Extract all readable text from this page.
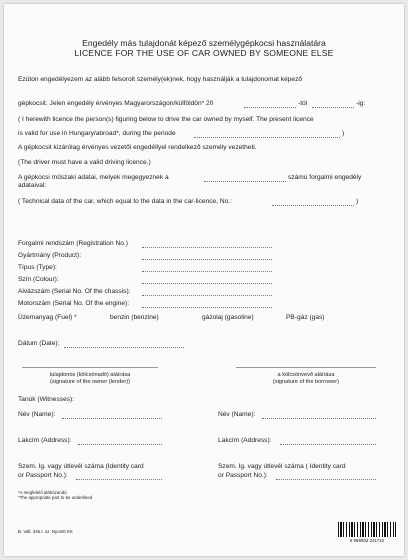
Engedély más tulajdonát képező személygépkocsi használatára
LICENCE FOR THE USE OF CAR OWNED BY SOMEONE ELSE
Ezúton engedélyezem az alább felsorolt személy(ek)nek, hogy használják a tulajdonomat képező
gépkocsit. Jelen engedély érvényes Magyarországon/külföldön* 20	-tól	-ig:
( I herewith licence the person(s) figuring below to drive the car owned by myself. The present licence
is valid for use in Hungary/abroad*, during the periode	)
A gépkocsit kizárólag érvényes vezetői engedéllyel rendelkező személy vezetheti.
(The driver must have a valid driving licence.)
A gépkocsi műszaki adatai, melyek megegyeznek a	számú forgalmi engedély
adataival:
( Technical data of the car, which equal to the data in the car-licence, No.:	)
Forgalmi rendszám (Registration No.)
Gyártmány (Product):
Típus (Type):
Szín (Colour):
Alvázszám (Serial No. Of the chassis):
Motorszám (Serial No. Of the engine):
Üzemanyag (Fuel) *	benzin (benzine)	gázolaj (gasoline)	PB-gáz (gas)
Dátum (Date):
tulajdonos (kölcsönadó) aláírása
(signature of the owner (lender))
a kölcsönvevő aláírása
(signature of the borrower)
Tanúk (Witnesses):
Név (Name):	Név (Name):
Lakcím (Address):	Lakcím (Address):
Szem. Ig. vagy útlevél száma (Identity card
or Passport No.):
Szem. Ig. vagy útlevél száma ( Identity card
or Passport No.):
*A megfelelő aláhúzandó
*The appropriate part to be underlined
B. Vall. 345.r. sz. Nyomtt KK
5 999053 241742
